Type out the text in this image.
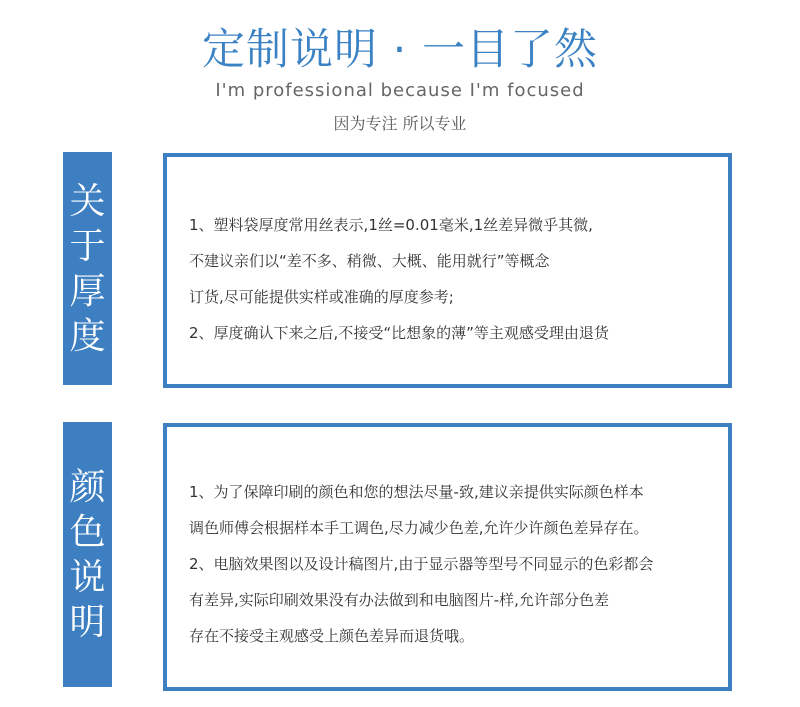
定制说明 · 一目了然
I'm professional because I'm focused
因为专注 所以专业
关
于
厚
度
1、塑料袋厚度常用丝表示,1丝=0.01毫米,1丝差异微乎其微,
不建议亲们以“差不多、稍微、大概、能用就行”等概念
订货,尽可能提供实样或准确的厚度参考;
2、厚度确认下来之后,不接受“比想象的薄”等主观感受理由退货
颜
色
说
明
1、为了保障印刷的颜色和您的想法尽量-致,建议亲提供实际颜色样本
调色师傅会根据样本手工调色,尽力减少色差,允许少许颜色差异存在。
2、电脑效果图以及设计稿图片,由于显示器等型号不同显示的色彩都会
有差异,实际印刷效果没有办法做到和电脑图片-样,允许部分色差
存在不接受主观感受上颜色差异而退货哦。
